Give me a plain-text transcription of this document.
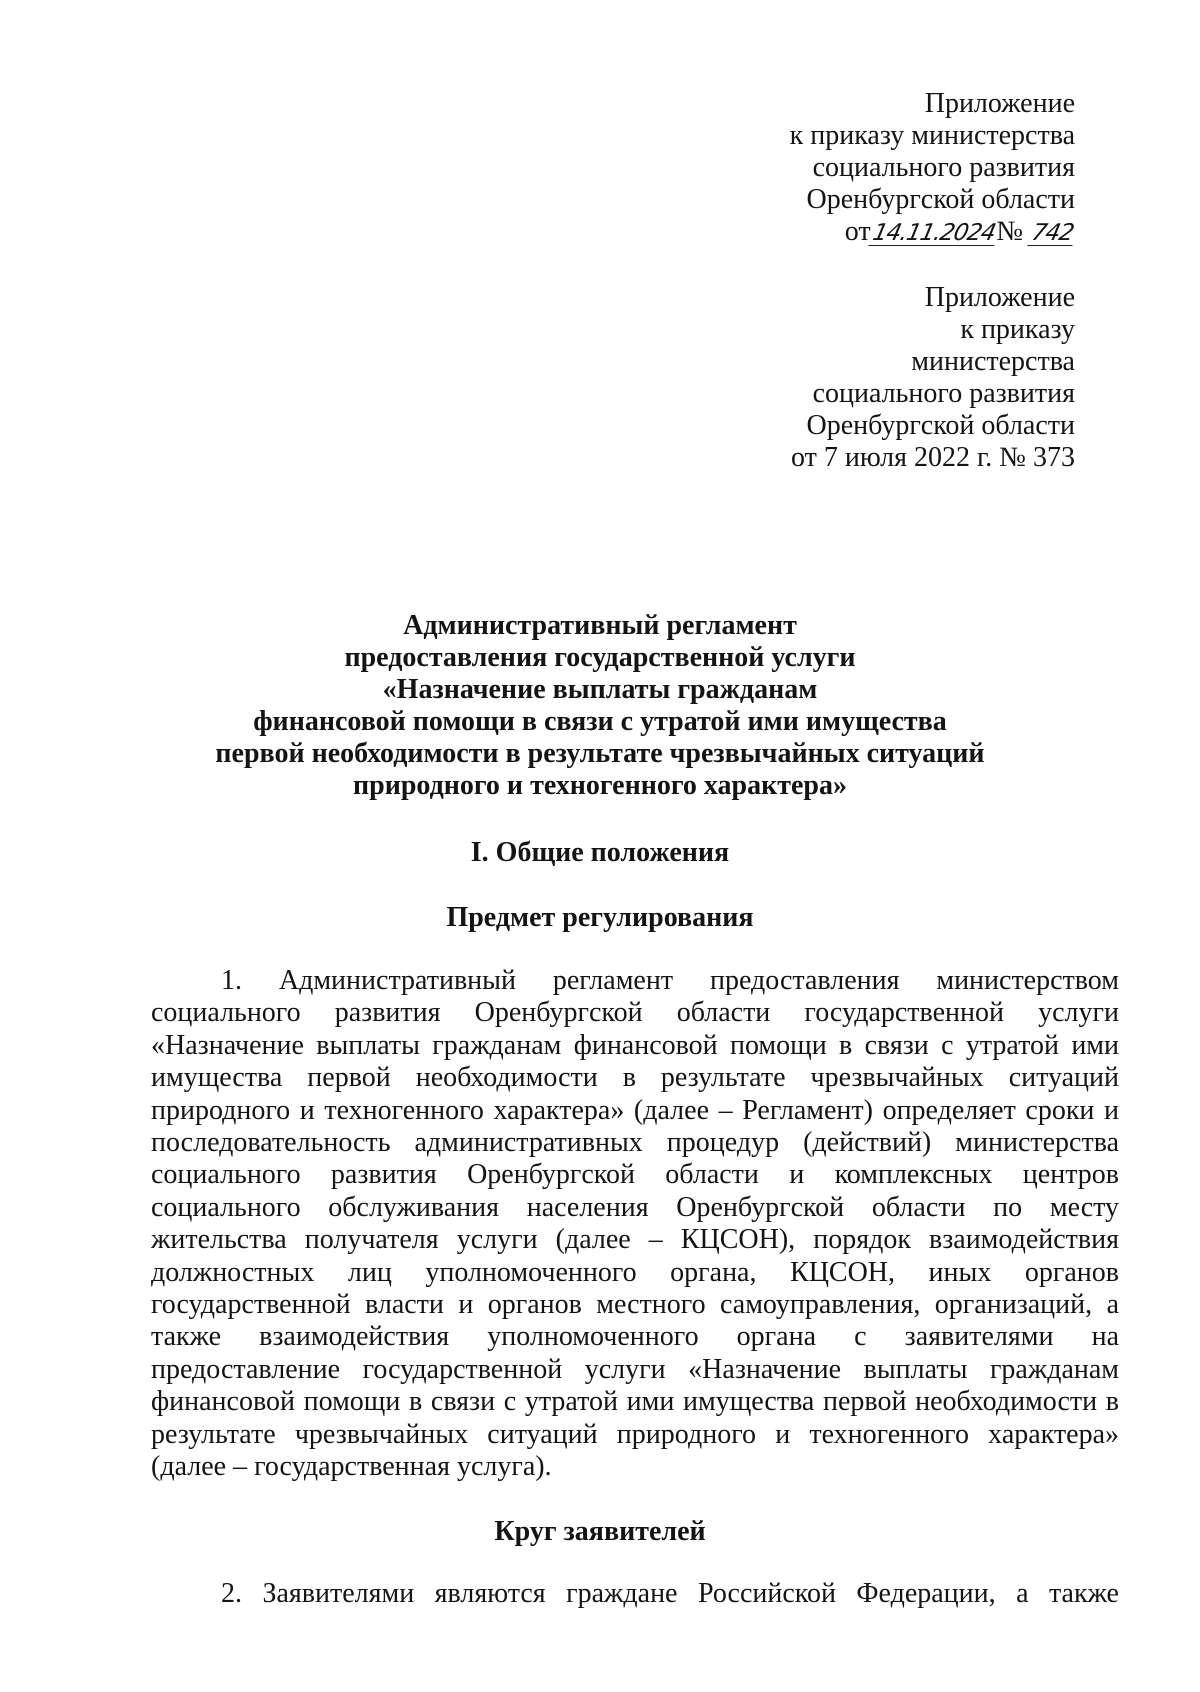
Приложение
к приказу министерства
социального развития
Оренбургской области
от14.11.2024№ 742
Приложение
к приказу
министерства
социального развития
Оренбургской области
от 7 июля 2022 г. № 373
Административный регламент
предоставления государственной услуги
«Назначение выплаты гражданам
финансовой помощи в связи с утратой ими имущества
первой необходимости в результате чрезвычайных ситуаций
природного и техногенного характера»
I. Общие положения
Предмет регулирования
1. Административный регламент предоставления министерством социального развития Оренбургской области государственной услуги «Назначение выплаты гражданам финансовой помощи в связи с утратой ими имущества первой необходимости в результате чрезвычайных ситуаций природного и техногенного характера» (далее – Регламент) определяет сроки и последовательность административных процедур (действий) министерства социального развития Оренбургской области и комплексных центров социального обслуживания населения Оренбургской области по месту жительства получателя услуги (далее – КЦСОН), порядок взаимодействия должностных лиц уполномоченного органа, КЦСОН, иных органов государственной власти и органов местного самоуправления, организаций, а также взаимодействия уполномоченного органа с заявителями на предоставление государственной услуги «Назначение выплаты гражданам финансовой помощи в связи с утратой ими имущества первой необходимости в результате чрезвычайных ситуаций природного и техногенного характера» (далее – государственная услуга).
Круг заявителей
2. Заявителями являются граждане Российской Федерации, а также
